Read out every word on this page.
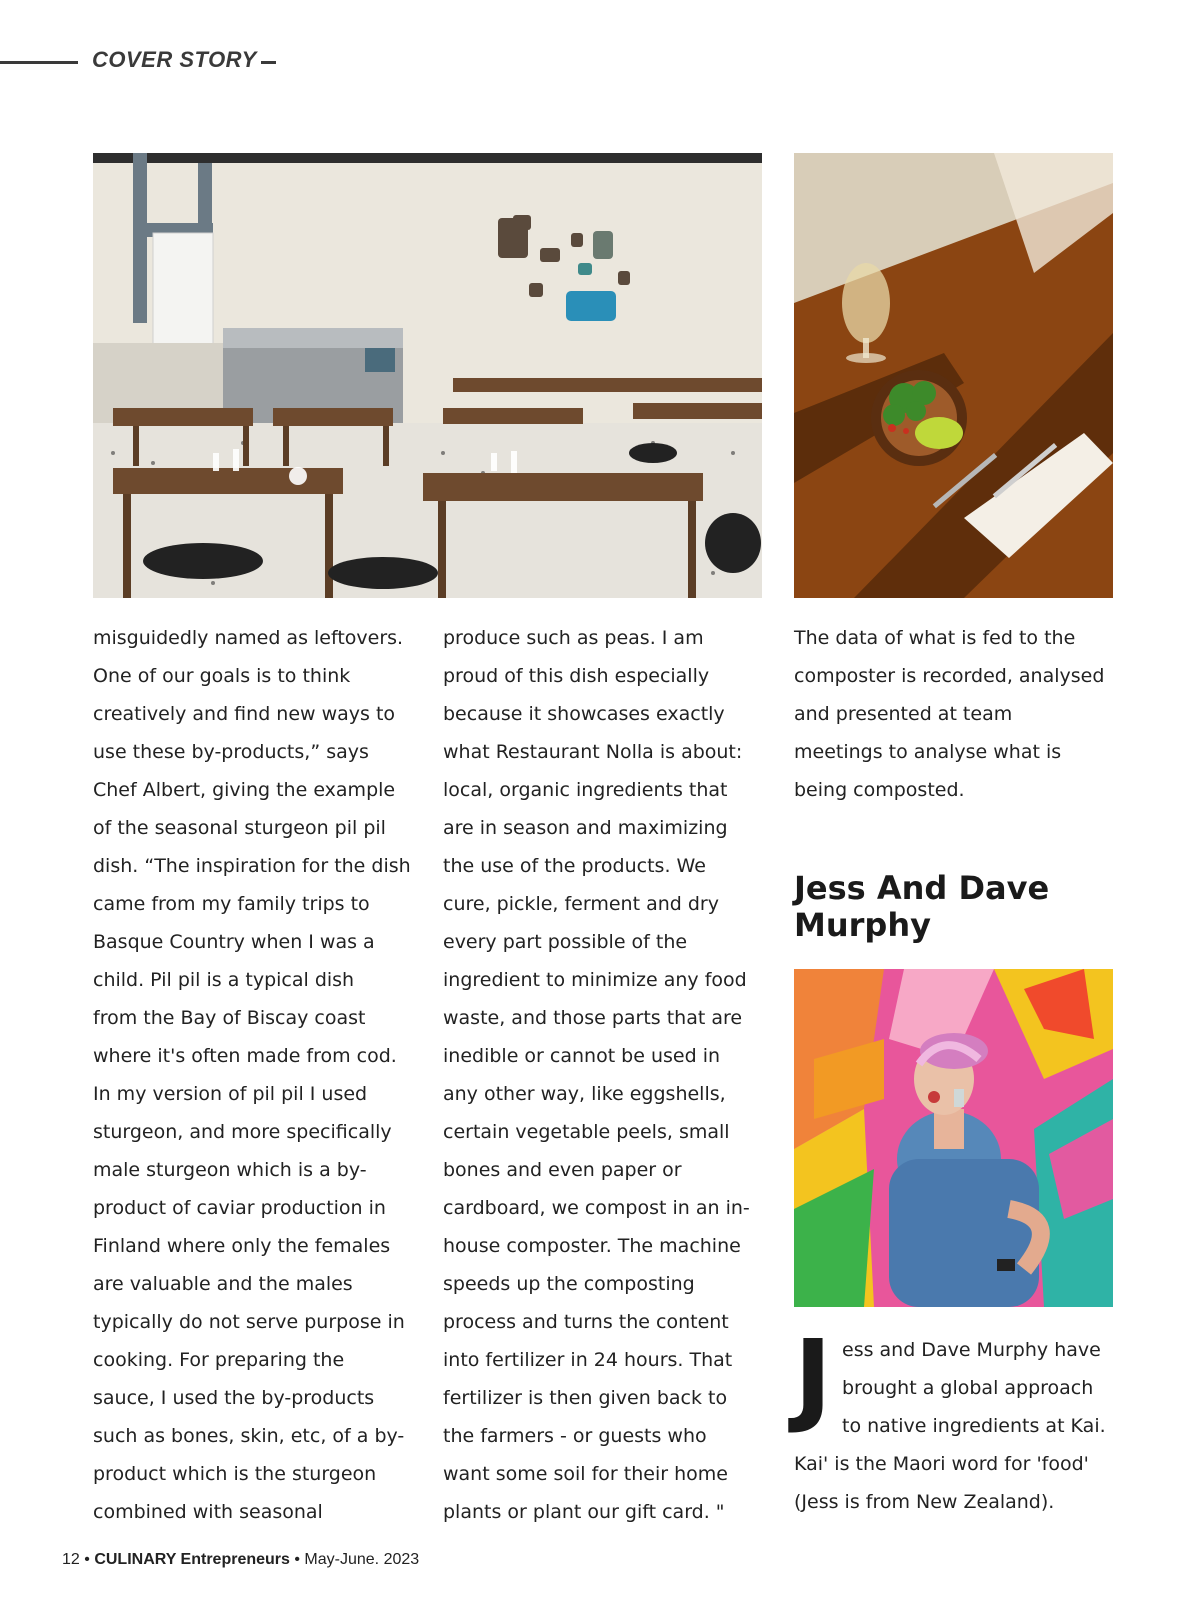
COVER STORY

misguidedly named as leftovers.

One of our goals is to think

creatively and find new ways to

use these by-products,” says

Chef Albert, giving the example

of the seasonal sturgeon pil pil

dish. “The inspiration for the dish

came from my family trips to

Basque Country when I was a

child. Pil pil is a typical dish

from the Bay of Biscay coast

where it's often made from cod.

In my version of pil pil I used

sturgeon, and more specifically

male sturgeon which is a by-

product of caviar production in

Finland where only the females

are valuable and the males

typically do not serve purpose in

cooking. For preparing the

sauce, I used the by-products

such as bones, skin, etc, of a by-

product which is the sturgeon

combined with seasonal

produce such as peas. I am

proud of this dish especially

because it showcases exactly

what Restaurant Nolla is about:

local, organic ingredients that

are in season and maximizing

the use of the products. We

cure, pickle, ferment and dry

every part possible of the

ingredient to minimize any food

waste, and those parts that are

inedible or cannot be used in

any other way, like eggshells,

certain vegetable peels, small

bones and even paper or

cardboard, we compost in an in-

house composter. The machine

speeds up the composting

process and turns the content

into fertilizer in 24 hours. That

fertilizer is then given back to

the farmers - or guests who

want some soil for their home

plants or plant our gift card. "

The data of what is fed to the

composter is recorded, analysed

and presented at team

meetings to analyse what is

being composted.

Jess And Dave
Murphy
J ess and Dave Murphy have

brought a global approach

to native ingredients at Kai.

Kai' is the Maori word for 'food'

(Jess is from New Zealand).

12 • CULINARY Entrepreneurs • May-June. 2023
